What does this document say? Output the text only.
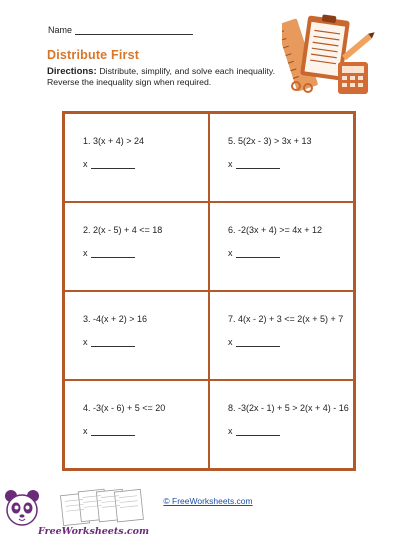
Name
Distribute First
Directions: Distribute, simplify, and solve each inequality. Reverse the inequality sign when required.
1. 3(x + 4) > 24
x
5. 5(2x - 3) > 3x + 13
x
2. 2(x - 5) + 4 <= 18
x
6. -2(3x + 4) >= 4x + 12
x
3. -4(x + 2) > 16
x
7. 4(x - 2) + 3 <= 2(x + 5) + 7
x
4. -3(x - 6) + 5 <= 20
x
8. -3(2x - 1) + 5 > 2(x + 4) - 16
x
FreeWorksheets.com
© FreeWorksheets.com
